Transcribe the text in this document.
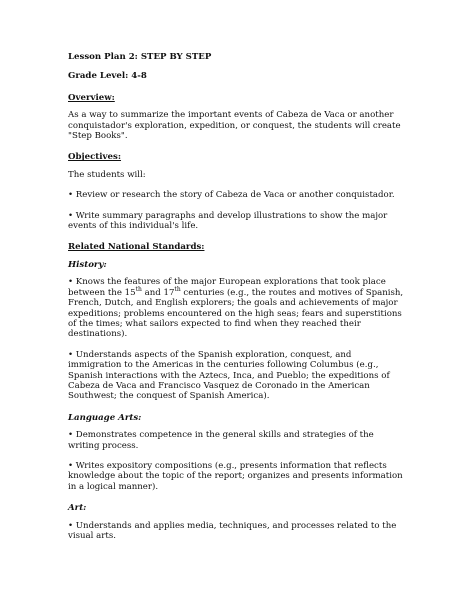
Lesson Plan 2: STEP BY STEP
Grade Level: 4-8
Overview:

As a way to summarize the important events of Cabeza de Vaca or another conquistador's exploration, expedition, or conquest, the students will create "Step Books".

Objectives:

The students will:

• Review or research the story of Cabeza de Vaca or another conquistador.

• Write summary paragraphs and develop illustrations to show the major events of this individual's life.

Related National Standards:
History:

• Knows the features of the major European explorations that took place between the 15th and 17th centuries (e.g., the routes and motives of Spanish, French, Dutch, and English explorers; the goals and achievements of major expeditions; problems encountered on the high seas; fears and superstitions of the times; what sailors expected to find when they reached their destinations).

• Understands aspects of the Spanish exploration, conquest, and immigration to the Americas in the centuries following Columbus (e.g., Spanish interactions with the Aztecs, Inca, and Pueblo; the expeditions of Cabeza de Vaca and Francisco Vasquez de Coronado in the American Southwest; the conquest of Spanish America).

Language Arts:

• Demonstrates competence in the general skills and strategies of the writing process.

• Writes expository compositions (e.g., presents information that reflects knowledge about the topic of the report; organizes and presents information in a logical manner).

Art:

• Understands and applies media, techniques, and processes related to the visual arts.
